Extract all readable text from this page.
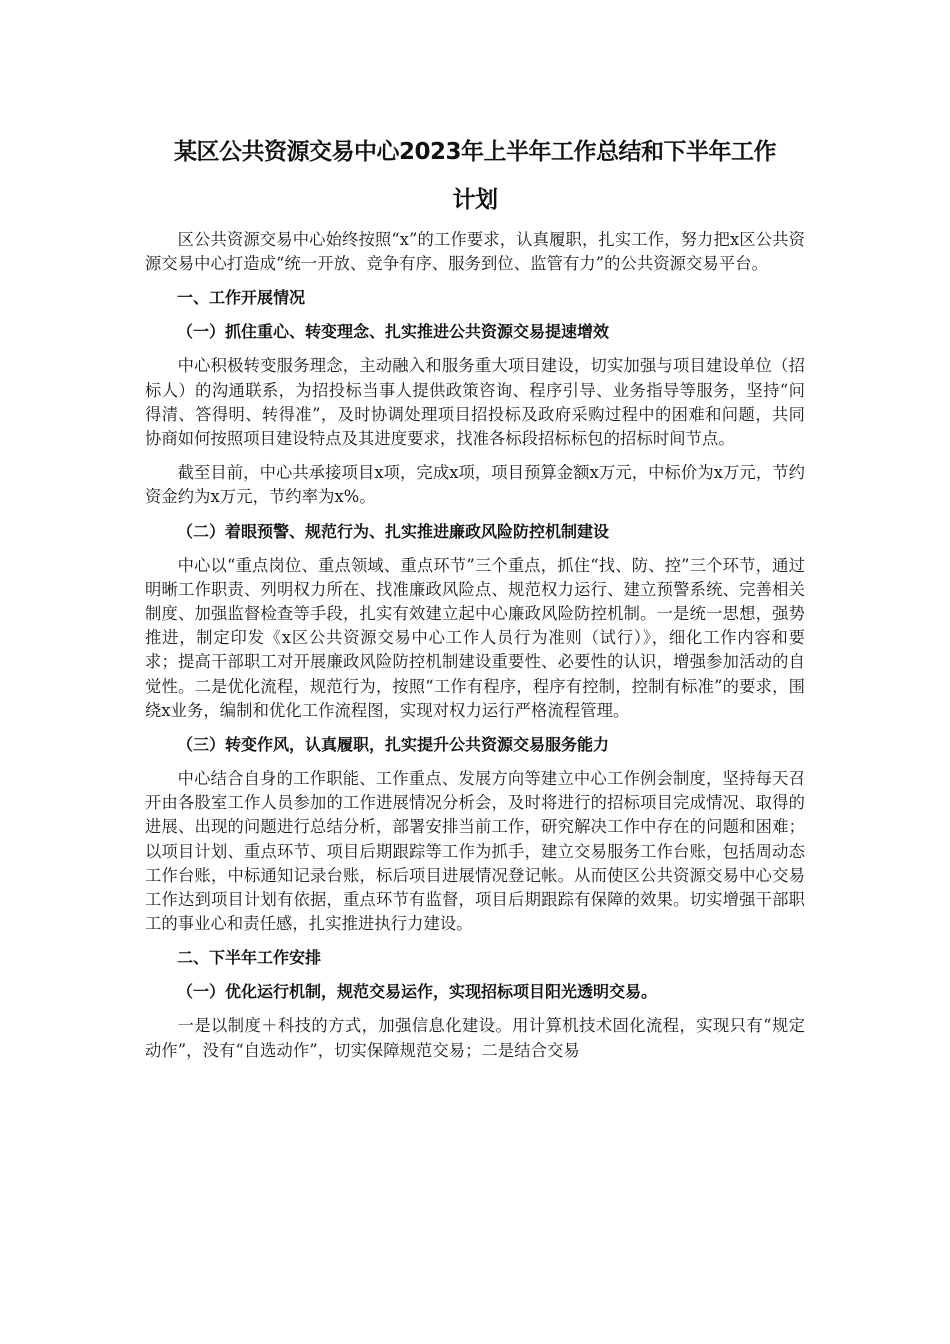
某区公共资源交易中心2023年上半年工作总结和下半年工作计划

区公共资源交易中心始终按照“x”的工作要求，认真履职，扎实工作，努力把x区公共资源交易中心打造成“统一开放、竞争有序、服务到位、监管有力”的公共资源交易平台。

一、工作开展情况
（一）抓住重心、转变理念、扎实推进公共资源交易提速增效

中心积极转变服务理念，主动融入和服务重大项目建设，切实加强与项目建设单位（招标人）的沟通联系，为招投标当事人提供政策咨询、程序引导、业务指导等服务，坚持“问得清、答得明、转得准”，及时协调处理项目招投标及政府采购过程中的困难和问题，共同协商如何按照项目建设特点及其进度要求，找准各标段招标标包的招标时间节点。

截至目前，中心共承接项目x项，完成x项，项目预算金额x万元，中标价为x万元，节约资金约为x万元，节约率为x%。

（二）着眼预警、规范行为、扎实推进廉政风险防控机制建设

中心以“重点岗位、重点领域、重点环节”三个重点，抓住“找、防、控”三个环节，通过明晰工作职责、列明权力所在、找准廉政风险点、规范权力运行、建立预警系统、完善相关制度、加强监督检查等手段，扎实有效建立起中心廉政风险防控机制。一是统一思想，强势推进，制定印发《x区公共资源交易中心工作人员行为准则（试行）》，细化工作内容和要求；提高干部职工对开展廉政风险防控机制建设重要性、必要性的认识，增强参加活动的自觉性。二是优化流程，规范行为，按照“工作有程序，程序有控制，控制有标准”的要求，围绕x业务，编制和优化工作流程图，实现对权力运行严格流程管理。

（三）转变作风，认真履职，扎实提升公共资源交易服务能力

中心结合自身的工作职能、工作重点、发展方向等建立中心工作例会制度，坚持每天召开由各股室工作人员参加的工作进展情况分析会，及时将进行的招标项目完成情况、取得的进展、出现的问题进行总结分析，部署安排当前工作，研究解决工作中存在的问题和困难；以项目计划、重点环节、项目后期跟踪等工作为抓手，建立交易服务工作台账，包括周动态工作台账，中标通知记录台账，标后项目进展情况登记帐。从而使区公共资源交易中心交易工作达到项目计划有依据，重点环节有监督，项目后期跟踪有保障的效果。切实增强干部职工的事业心和责任感，扎实推进执行力建设。

二、下半年工作安排
（一）优化运行机制，规范交易运作，实现招标项目阳光透明交易。

一是以制度＋科技的方式，加强信息化建设。用计算机技术固化流程，实现只有“规定动作”，没有“自选动作”，切实保障规范交易；二是结合交易
